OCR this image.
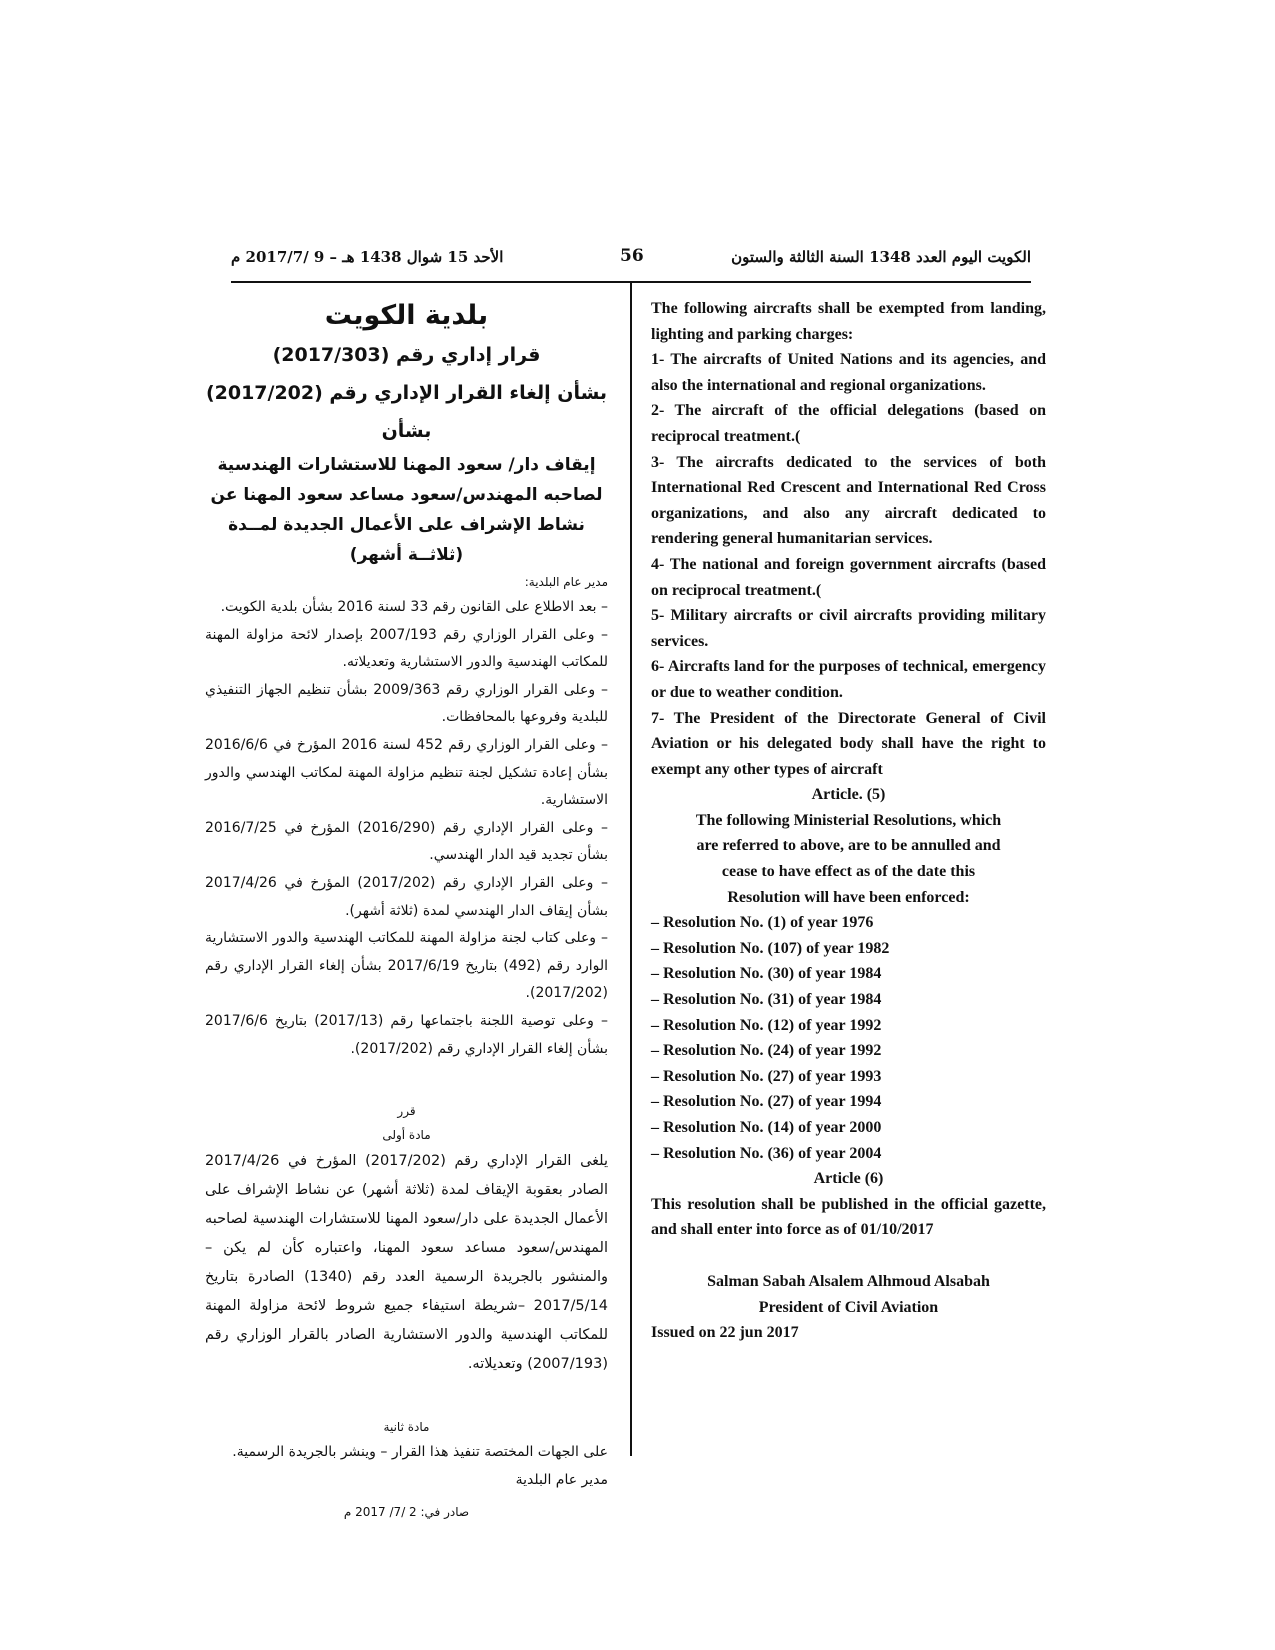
الكويت اليوم العدد 1348 السنة الثالثة والستون
56
الأحد 15 شوال 1438 هـ – 9 /2017/7 م

The following aircrafts shall be exempted from landing, lighting and parking charges:

1- The aircrafts of United Nations and its agencies, and also the international and regional organizations.

2- The aircraft of the official delegations (based on reciprocal treatment.(

3- The aircrafts dedicated to the services of both International Red Crescent and International Red Cross organizations, and also any aircraft dedicated to rendering general humanitarian services.

4- The national and foreign government aircrafts (based on reciprocal treatment.(

5- Military aircrafts or civil aircrafts providing military services.

6- Aircrafts land for the purposes of technical, emergency or due to weather condition.

7- The President of the Directorate General of Civil Aviation or his delegated body shall have the right to exempt any other types of aircraft

Article. (5)

The following Ministerial Resolutions, which

are referred to above, are to be annulled and

cease to have effect as of the date this

Resolution will have been enforced:

– Resolution No. (1) of year 1976

– Resolution No. (107) of year 1982

– Resolution No. (30) of year 1984

– Resolution No. (31) of year 1984

– Resolution No. (12) of year 1992

– Resolution No. (24) of year 1992

– Resolution No. (27) of year 1993

– Resolution No. (27) of year 1994

– Resolution No. (14) of year 2000

– Resolution No. (36) of year 2004

Article (6)

This resolution shall be published in the official gazette, and shall enter into force as of 01/10/2017

Salman Sabah Alsalem Alhmoud Alsabah

President of Civil Aviation

Issued on 22 jun 2017

بلدية الكويت

قرار إداري رقم (2017/303)

بشأن إلغاء القرار الإداري رقم (2017/202) بشأن

إيقاف دار/ سعود المهنا للاستشارات الهندسية

لصاحبه المهندس/سعود مساعد سعود المهنا عن

نشاط الإشراف على الأعمال الجديدة لمــدة

(ثلاثــة أشهر)

مدير عام البلدية:

– بعد الاطلاع على القانون رقم 33 لسنة 2016 بشأن بلدية الكويت.

– وعلى القرار الوزاري رقم 2007/193 بإصدار لائحة مزاولة المهنة للمكاتب الهندسية والدور الاستشارية وتعديلاته.

– وعلى القرار الوزاري رقم 2009/363 بشأن تنظيم الجهاز التنفيذي للبلدية وفروعها بالمحافظات.

– وعلى القرار الوزاري رقم 452 لسنة 2016 المؤرخ في 2016/6/6 بشأن إعادة تشكيل لجنة تنظيم مزاولة المهنة لمكاتب الهندسي والدور الاستشارية.

– وعلى القرار الإداري رقم (2016/290) المؤرخ في 2016/7/25 بشأن تجديد قيد الدار الهندسي.

– وعلى القرار الإداري رقم (2017/202) المؤرخ في 2017/4/26 بشأن إيقاف الدار الهندسي لمدة (ثلاثة أشهر).

– وعلى كتاب لجنة مزاولة المهنة للمكاتب الهندسية والدور الاستشارية الوارد رقم (492) بتاريخ 2017/6/19 بشأن إلغاء القرار الإداري رقم (2017/202).

– وعلى توصية اللجنة باجتماعها رقم (2017/13) بتاريخ 2017/6/6 بشأن إلغاء القرار الإداري رقم (2017/202).

قرر

مادة أولى

يلغى القرار الإداري رقم (2017/202) المؤرخ في 2017/4/26 الصادر بعقوبة الإيقاف لمدة (ثلاثة أشهر) عن نشاط الإشراف على الأعمال الجديدة على دار/سعود المهنا للاستشارات الهندسية لصاحبه المهندس/سعود مساعد سعود المهنا، واعتباره كأن لم يكن – والمنشور بالجريدة الرسمية العدد رقم (1340) الصادرة بتاريخ 2017/5/14 –شريطة استيفاء جميع شروط لائحة مزاولة المهنة للمكاتب الهندسية والدور الاستشارية الصادر بالقرار الوزاري رقم (2007/193) وتعديلاته.

مادة ثانية

على الجهات المختصة تنفيذ هذا القرار – وينشر بالجريدة الرسمية.

مدير عام البلدية

صادر في: 2 /7/ 2017 م
